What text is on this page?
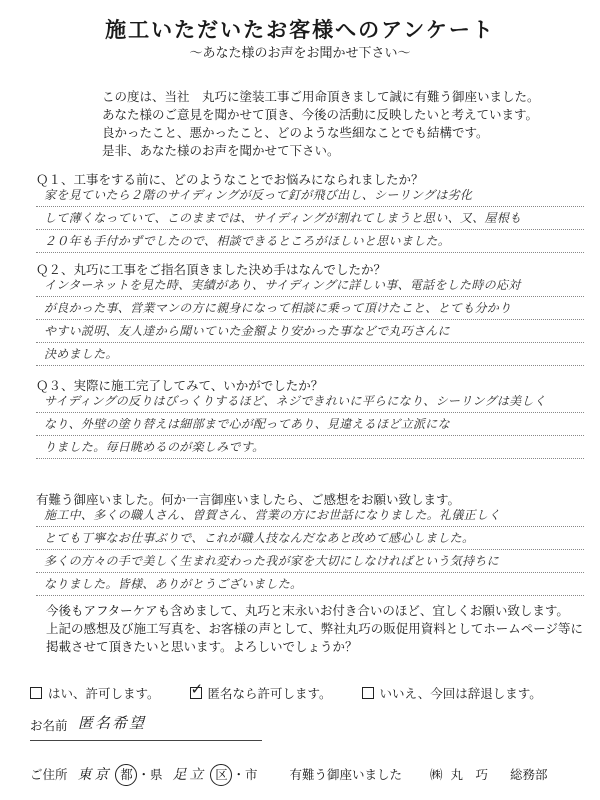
施工いただいたお客様へのアンケート
～あなた様のお声をお聞かせ下さい～
この度は、当社　丸巧に塗装工事ご用命頂きまして誠に有難う御座いました。
あなた様のご意見を聞かせて頂き、今後の活動に反映したいと考えています。
良かったこと、悪かったこと、どのような些細なことでも結構です。
是非、あなた様のお声を聞かせて下さい。
Ｑ１、工事をする前に、どのようなことでお悩みになられましたか？
家を見ていたら２階のサイディングが反って釘が飛び出し、シーリングは劣化
して薄くなっていて、このままでは、サイディングが割れてしまうと思い、又、屋根も
２０年も手付かずでしたので、相談できるところがほしいと思いました。
Ｑ２、丸巧に工事をご指名頂きました決め手はなんでしたか？
インターネットを見た時、実績があり、サイディングに詳しい事、電話をした時の応対
が良かった事、営業マンの方に親身になって相談に乗って頂けたこと、とても分かり
やすい説明、友人達から聞いていた金額より安かった事などで丸巧さんに
決めました。
Ｑ３、実際に施工完了してみて、いかがでしたか？
サイディングの反りはびっくりするほど、ネジできれいに平らになり、シーリングは美しく
なり、外壁の塗り替えは細部まで心が配ってあり、見違えるほど立派にな
りました。毎日眺めるのが楽しみです。
有難う御座いました。何か一言御座いましたら、ご感想をお願い致します。
施工中、多くの職人さん、曽賀さん、営業の方にお世話になりました。礼儀正しく
とても丁寧なお仕事ぶりで、これが職人技なんだなあと改めて感心しました。
多くの方々の手で美しく生まれ変わった我が家を大切にしなければという気持ちに
なりました。皆様、ありがとうございました。
今後もアフターケアも含めまして、丸巧と末永いお付き合いのほど、宜しくお願い致します。
上記の感想及び施工写真を、お客様の声として、弊社丸巧の販促用資料としてホームページ等に
掲載させて頂きたいと思います。よろしいでしょうか？
はい、許可します。 ✓ 匿名なら許可します。	いいえ、今回は辞退します。
お名前 匿名希望
ご住所 東京 都 ・県 足立 区 ・市	有難う御座いました ㈱ 丸　巧 総務部
